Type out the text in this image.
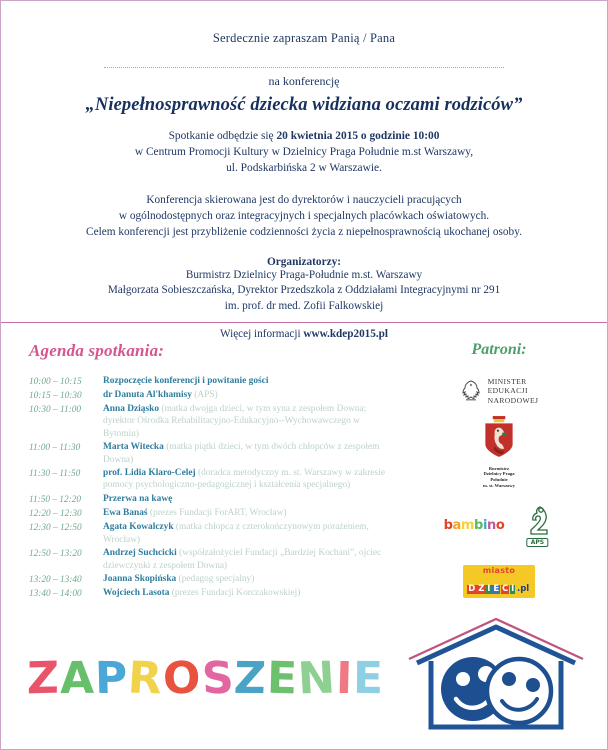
Serdecznie zapraszam Panią / Pana
na konferencję
„Niepełnosprawność dziecka widziana oczami rodziców”
Spotkanie odbędzie się 20 kwietnia 2015 o godzinie 10:00
w Centrum Promocji Kultury w Dzielnicy Praga Południe m.st Warszawy,
ul. Podskarbińska 2 w Warszawie.
Konferencja skierowana jest do dyrektorów i nauczycieli pracujących
w ogólnodostępnych oraz integracyjnych i specjalnych placówkach oświatowych.
Celem konferencji jest przybliżenie codzienności życia z niepełnosprawnością ukochanej osoby.
Organizatorzy:
Burmistrz Dzielnicy Praga-Południe m.st. Warszawy
Małgorzata Sobieszczańska, Dyrektor Przedszkola z Oddziałami Integracyjnymi nr 291
im. prof. dr med. Zofii Falkowskiej
Więcej informacji www.kdep2015.pl
Agenda spotkania:
10:00 – 10:15	Rozpoczęcie konferencji i powitanie gości
10:15 – 10:30	dr Danuta Al'khamisy (APS)
10:30 – 11:00	Anna Dziąsko (matka dwojga dzieci, w tym syna z zespołem Downa; dyrektor Ośrodka Rehabilitacyjno-Edukacyjno--Wychowawczego w Bytomiu)
11:00 – 11:30	Marta Witecka (matka piątki dzieci, w tym dwóch chłopców z zespołem Downa)
11:30 – 11:50	prof. Lidia Klaro-Celej (doradca metodyczny m. st. Warszawy w zakresie pomocy psychologiczno-pedagogicznej i kształcenia specjalnego)
11:50 – 12:20	Przerwa na kawę
12:20 – 12:30	Ewa Banaś (prezes Fundacji ForART, Wrocław)
12:30 – 12:50	Agata Kowalczyk (matka chłopca z czterokończynowym porażeniem, Wrocław)
12:50 – 13:20	Andrzej Suchcicki (współzałożyciel Fundacji „Bardziej Kochani”, ojciec dziewczynki z zespołem Downa)
13:20 – 13:40	Joanna Skopińska (pedagog specjalny)
13:40 – 14:00	Wojciech Lasota (prezes Fundacji Korczakowskiej)
Patroni:
MINISTER
EDUKACJI
NARODOWEJ
Burmistrz
Dzielnicy Praga
Południe
m. st. Warszawy
bambino
APS
miasto
D Z I E C I .pl
ZAPROSZENIE
